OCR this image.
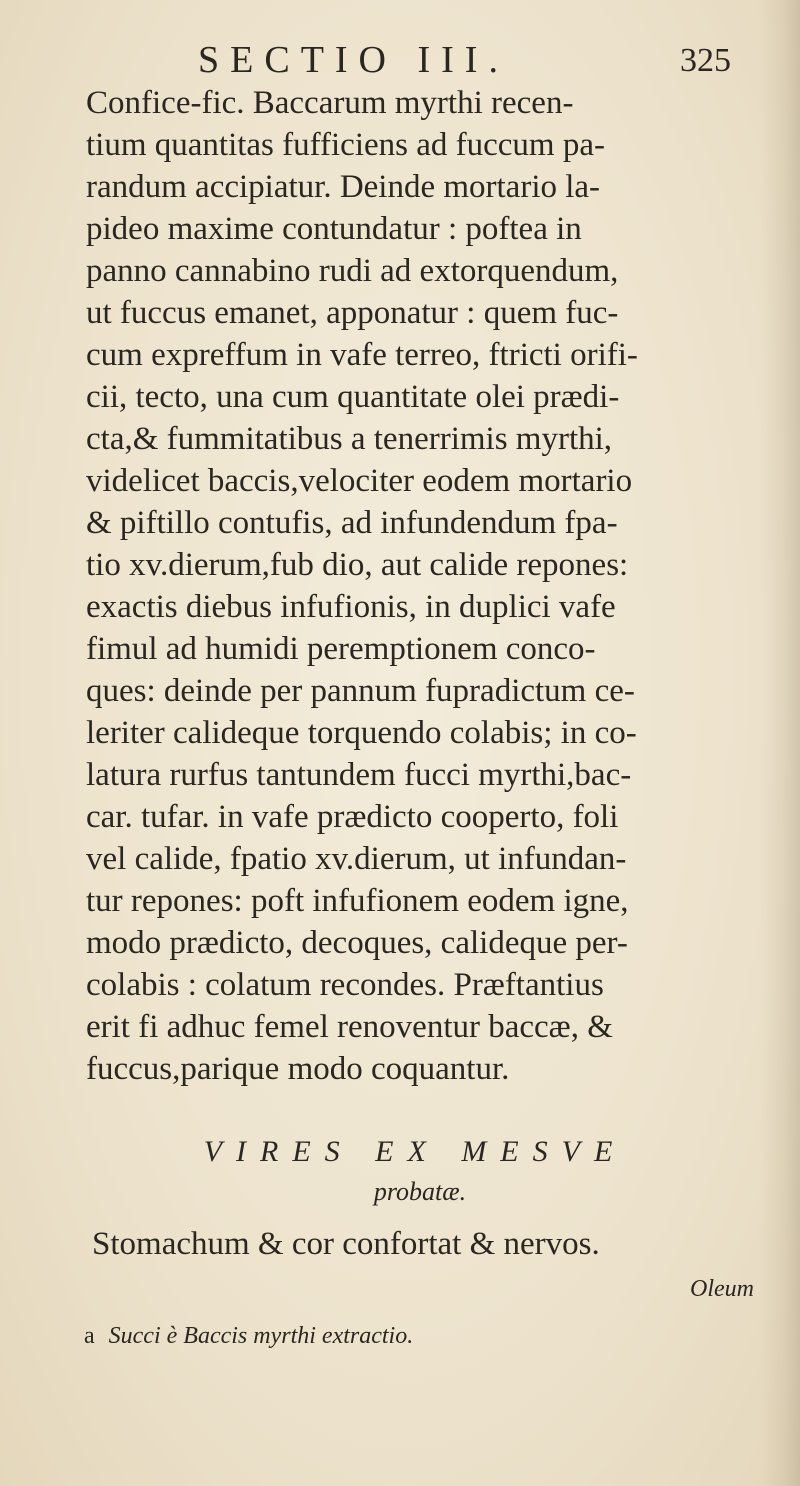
SECTIO III.	325
Confice-fic. Baccarum myrthi recen-
tium quantitas fufficiens ad fuccum pa-
randum accipiatur. Deinde mortario la-
pideo maxime contundatur : poftea in
panno cannabino rudi ad extorquendum,
ut fuccus emanet, apponatur : quem fuc-
cum expreffum in vafe terreo, ftricti orifi-
cii, tecto, una cum quantitate olei prædi-
cta,& fummitatibus a tenerrimis myrthi,
videlicet baccis,velociter eodem mortario
& piftillo contufis, ad infundendum fpa-
tio xv.dierum,fub dio, aut calide repones:
exactis diebus infufionis, in duplici vafe
fimul ad humidi peremptionem conco-
ques: deinde per pannum fupradictum ce-
leriter calideque torquendo colabis; in co-
latura rurfus tantundem fucci myrthi,bac-
car. tufar. in vafe prædicto cooperto, foli
vel calide, fpatio xv.dierum, ut infundan-
tur repones: poft infufionem eodem igne,
modo prædicto, decoques, calideque per-
colabis : colatum recondes. Præftantius
erit fi adhuc femel renoventur baccæ, &
fuccus,parique modo coquantur.
VIRES EX MESVE
probatæ.
Stomachum & cor confortat & nervos.
Oleum
a Succi è Baccis myrthi extractio.
